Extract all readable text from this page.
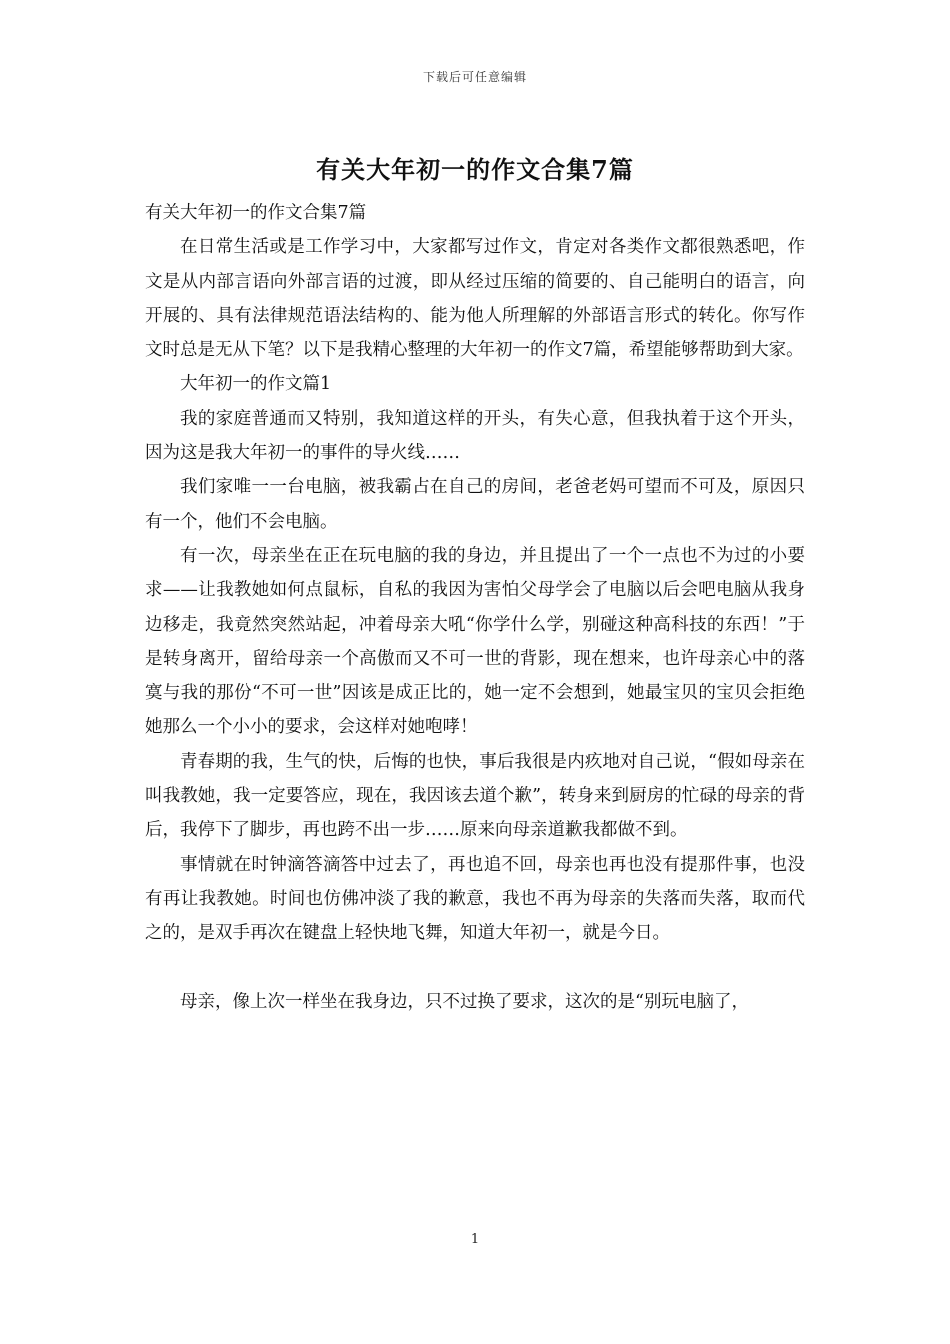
下载后可任意编辑
有关大年初一的作文合集7篇

有关大年初一的作文合集7篇

在日常生活或是工作学习中，大家都写过作文，肯定对各类作文都很熟悉吧，作文是从内部言语向外部言语的过渡，即从经过压缩的简要的、自己能明白的语言，向开展的、具有法律规范语法结构的、能为他人所理解的外部语言形式的转化。你写作文时总是无从下笔？以下是我精心整理的大年初一的作文7篇，希望能够帮助到大家。

大年初一的作文篇1

我的家庭普通而又特别，我知道这样的开头，有失心意，但我执着于这个开头，因为这是我大年初一的事件的导火线……

我们家唯一一台电脑，被我霸占在自己的房间，老爸老妈可望而不可及，原因只有一个，他们不会电脑。

有一次，母亲坐在正在玩电脑的我的身边，并且提出了一个一点也不为过的小要求——让我教她如何点鼠标，自私的我因为害怕父母学会了电脑以后会吧电脑从我身边移走，我竟然突然站起，冲着母亲大吼“你学什么学，别碰这种高科技的东西！”于是转身离开，留给母亲一个高傲而又不可一世的背影，现在想来，也许母亲心中的落寞与我的那份“不可一世”因该是成正比的，她一定不会想到，她最宝贝的宝贝会拒绝她那么一个小小的要求，会这样对她咆哮！

青春期的我，生气的快，后悔的也快，事后我很是内疚地对自己说，“假如母亲在叫我教她，我一定要答应，现在，我因该去道个歉”，转身来到厨房的忙碌的母亲的背后，我停下了脚步，再也跨不出一步……原来向母亲道歉我都做不到。

事情就在时钟滴答滴答中过去了，再也追不回，母亲也再也没有提那件事，也没有再让我教她。时间也仿佛冲淡了我的歉意，我也不再为母亲的失落而失落，取而代之的，是双手再次在键盘上轻快地飞舞，知道大年初一，就是今日。

母亲，像上次一样坐在我身边，只不过换了要求，这次的是“别玩电脑了，

1
